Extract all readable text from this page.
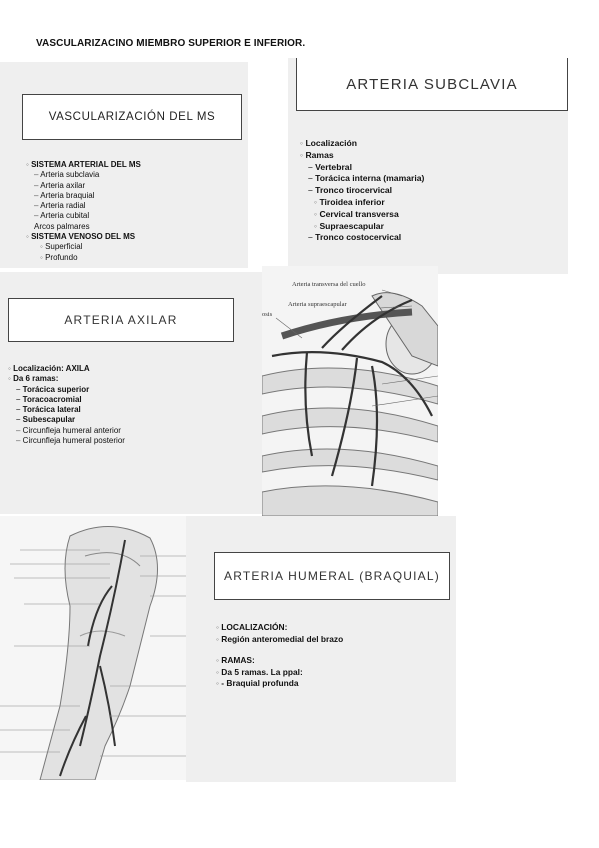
VASCULARIZACINO MIEMBRO SUPERIOR E INFERIOR.
VASCULARIZACIÓN DEL MS
◦ SISTEMA ARTERIAL DEL MS
– Arteria subclavia
– Arteria axilar
– Arteria braquial
– Arteria radial
– Arteria cubital
Arcos palmares
◦ SISTEMA VENOSO DEL MS
◦ Superficial
◦ Profundo
ARTERIA SUBCLAVIA
◦ Localización
◦ Ramas
– Vertebral
– Torácica interna (mamaria)
– Tronco tirocervical
◦ Tiroidea inferior
◦ Cervical transversa
◦ Supraescapular
– Tronco costocervical
ARTERIA AXILAR
◦ Localización: AXILA
◦ Da 6 ramas:
– Torácica superior
– Toracoacromial
– Torácica lateral
– Subescapular
– Circunfleja humeral anterior
– Circunfleja humeral posterior
Arteria transversa del cuello
Arteria supraescapular
osis
ARTERIA HUMERAL (BRAQUIAL)
◦ LOCALIZACIÓN:
◦ Región anteromedial del brazo
◦ RAMAS:
◦ Da 5 ramas. La ppal:
◦ - Braquial profunda
